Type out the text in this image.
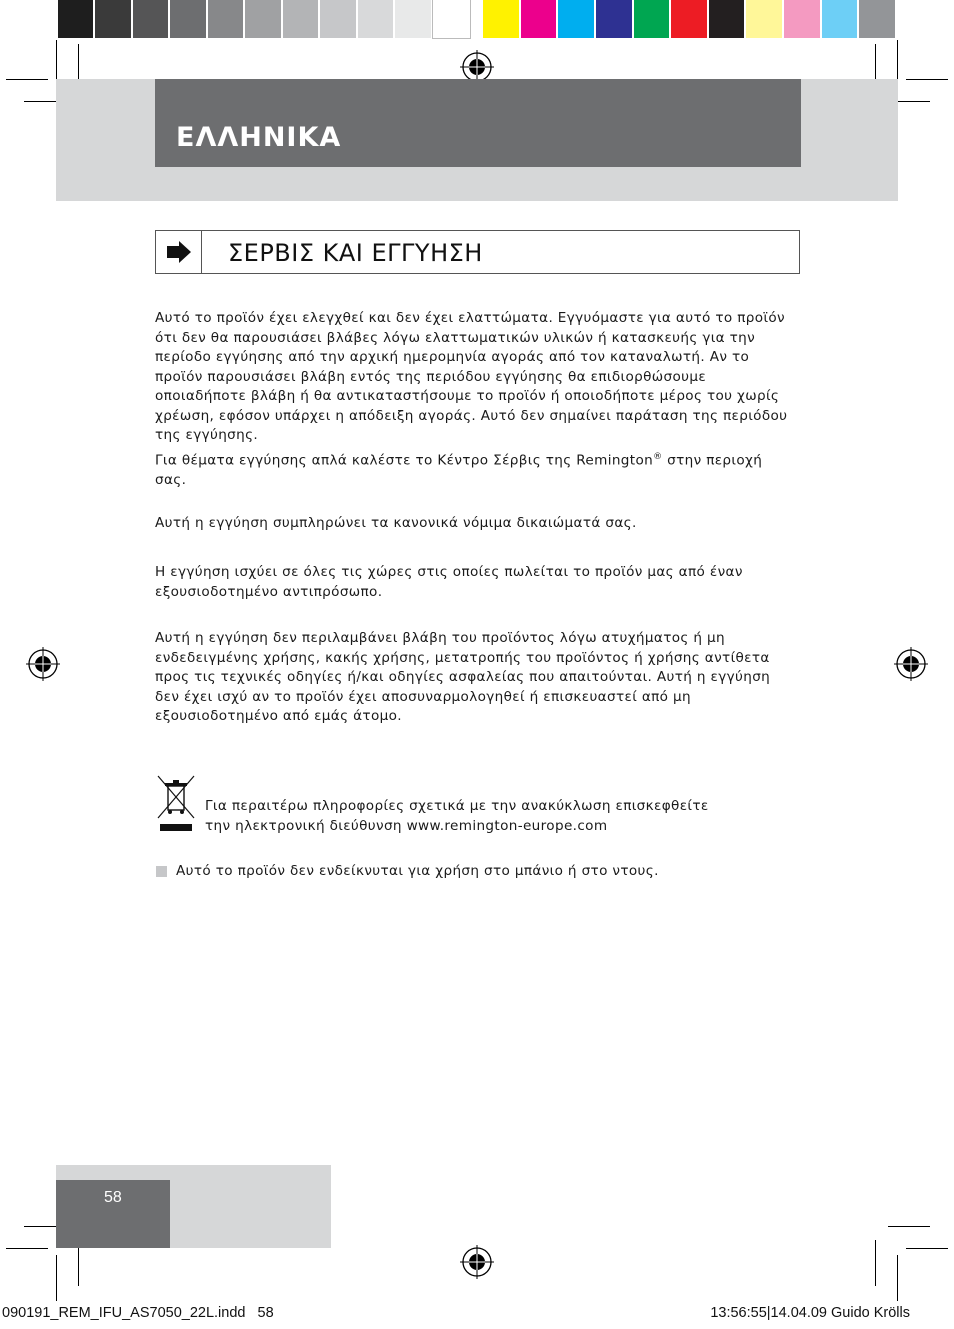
ΕΛΛΗΝΙΚΑ
ΣΕΡΒΙΣ ΚΑΙ ΕΓΓΥΗΣΗ

Αυτό το προϊόν έχει ελεγχθεί και δεν έχει ελαττώματα. Εγγυόμαστε για αυτό το προϊόν ότι δεν θα παρουσιάσει βλάβες λόγω ελαττωματικών υλικών ή κατασκευής για την περίοδο εγγύησης από την αρχική ημερομηνία αγοράς από τον καταναλωτή. Αν το προϊόν παρουσιάσει βλάβη εντός της περιόδου εγγύησης θα επιδιορθώσουμε οποιαδήποτε βλάβη ή θα αντικαταστήσουμε το προϊόν ή οποιοδήποτε μέρος του χωρίς χρέωση, εφόσον υπάρχει η απόδειξη αγοράς. Αυτό δεν σημαίνει παράταση της περιόδου της εγγύησης.

Για θέματα εγγύησης απλά καλέστε το Κέντρο Σέρβις της Remington® στην περιοχή σας.

Αυτή η εγγύηση συμπληρώνει τα κανονικά νόμιμα δικαιώματά σας.

Η εγγύηση ισχύει σε όλες τις χώρες στις οποίες πωλείται το προϊόν μας από έναν εξουσιοδοτημένο αντιπρόσωπο.

Αυτή η εγγύηση δεν περιλαμβάνει βλάβη του προϊόντος λόγω ατυχήματος ή μη ενδεδειγμένης χρήσης, κακής χρήσης, μετατροπής του προϊόντος ή χρήσης αντίθετα προς τις τεχνικές οδηγίες ή/και οδηγίες ασφαλείας που απαιτούνται. Αυτή η εγγύηση δεν έχει ισχύ αν το προϊόν έχει αποσυναρμολογηθεί ή επισκευαστεί από μη εξουσιοδοτημένο από εμάς άτομο.

Για περαιτέρω πληροφορίες σχετικά με την ανακύκλωση επισκεφθείτε

την ηλεκτρονική διεύθυνση www.remington-europe.com

Αυτό το προϊόν δεν ενδείκνυται για χρήση στο μπάνιο ή στο ντους.

58
090191_REM_IFU_AS7050_22L.indd   58	13:56:55|14.04.09 Guido Krölls
